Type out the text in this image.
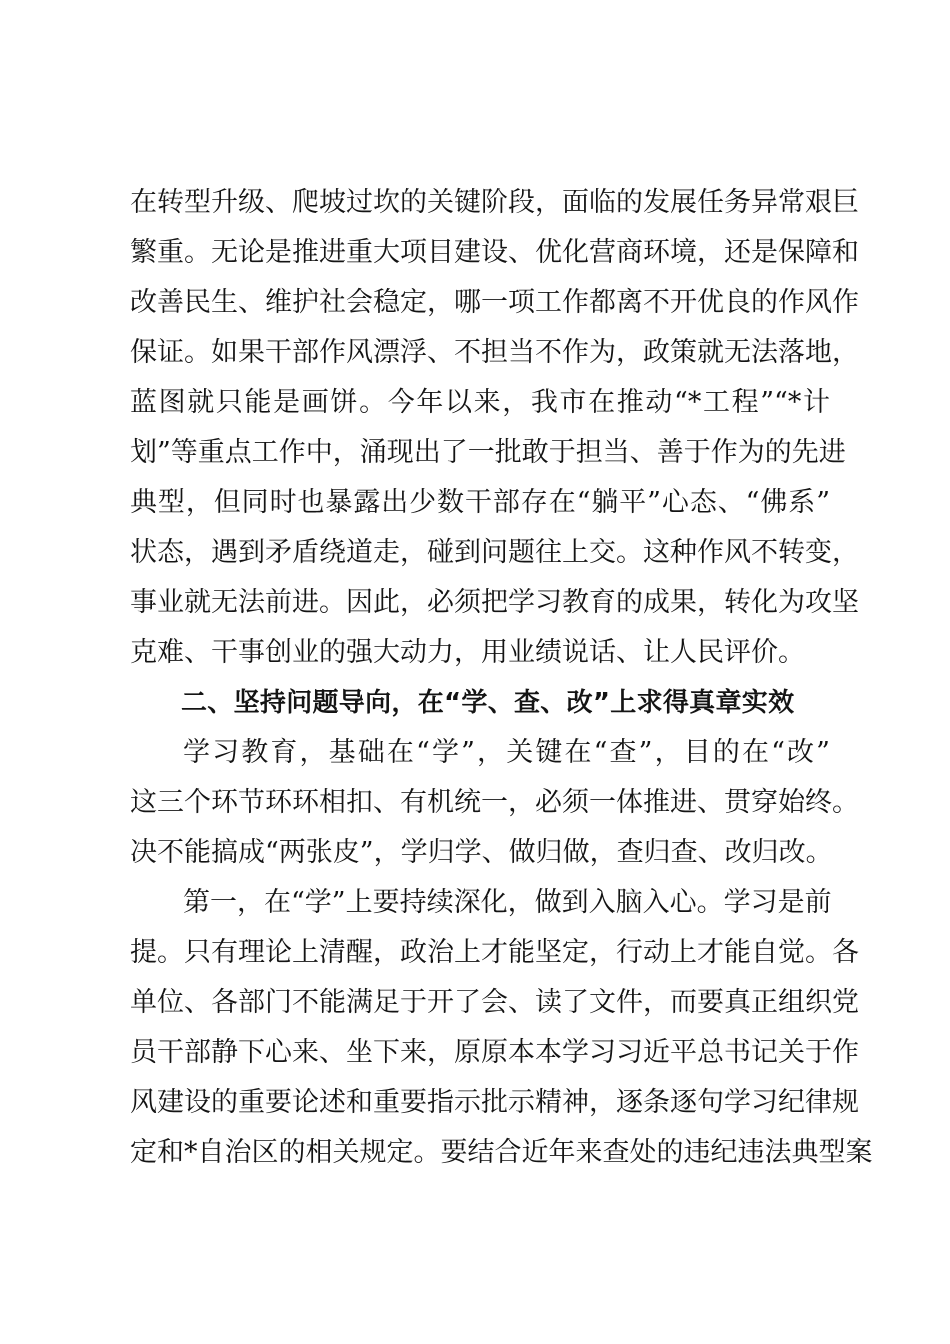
在转型升级、爬坡过坎的关键阶段，面临的发展任务异常艰巨
繁重。无论是推进重大项目建设、优化营商环境，还是保障和
改善民生、维护社会稳定，哪一项工作都离不开优良的作风作
保证。如果干部作风漂浮、不担当不作为，政策就无法落地，
蓝图就只能是画饼。今年以来，我市在推动“*工程”“*计
划”等重点工作中，涌现出了一批敢于担当、善于作为的先进
典型，但同时也暴露出少数干部存在“躺平”心态、“佛系”
状态，遇到矛盾绕道走，碰到问题往上交。这种作风不转变，
事业就无法前进。因此，必须把学习教育的成果，转化为攻坚
克难、干事创业的强大动力，用业绩说话、让人民评价。
二、坚持问题导向，在“学、查、改”上求得真章实效
学习教育，基础在“学”，关键在“查”，目的在“改”
这三个环节环环相扣、有机统一，必须一体推进、贯穿始终。
决不能搞成“两张皮”，学归学、做归做，查归查、改归改。
第一，在“学”上要持续深化，做到入脑入心。学习是前
提。只有理论上清醒，政治上才能坚定，行动上才能自觉。各
单位、各部门不能满足于开了会、读了文件，而要真正组织党
员干部静下心来、坐下来，原原本本学习习近平总书记关于作
风建设的重要论述和重要指示批示精神，逐条逐句学习纪律规
定和*自治区的相关规定。要结合近年来查处的违纪违法典型案
